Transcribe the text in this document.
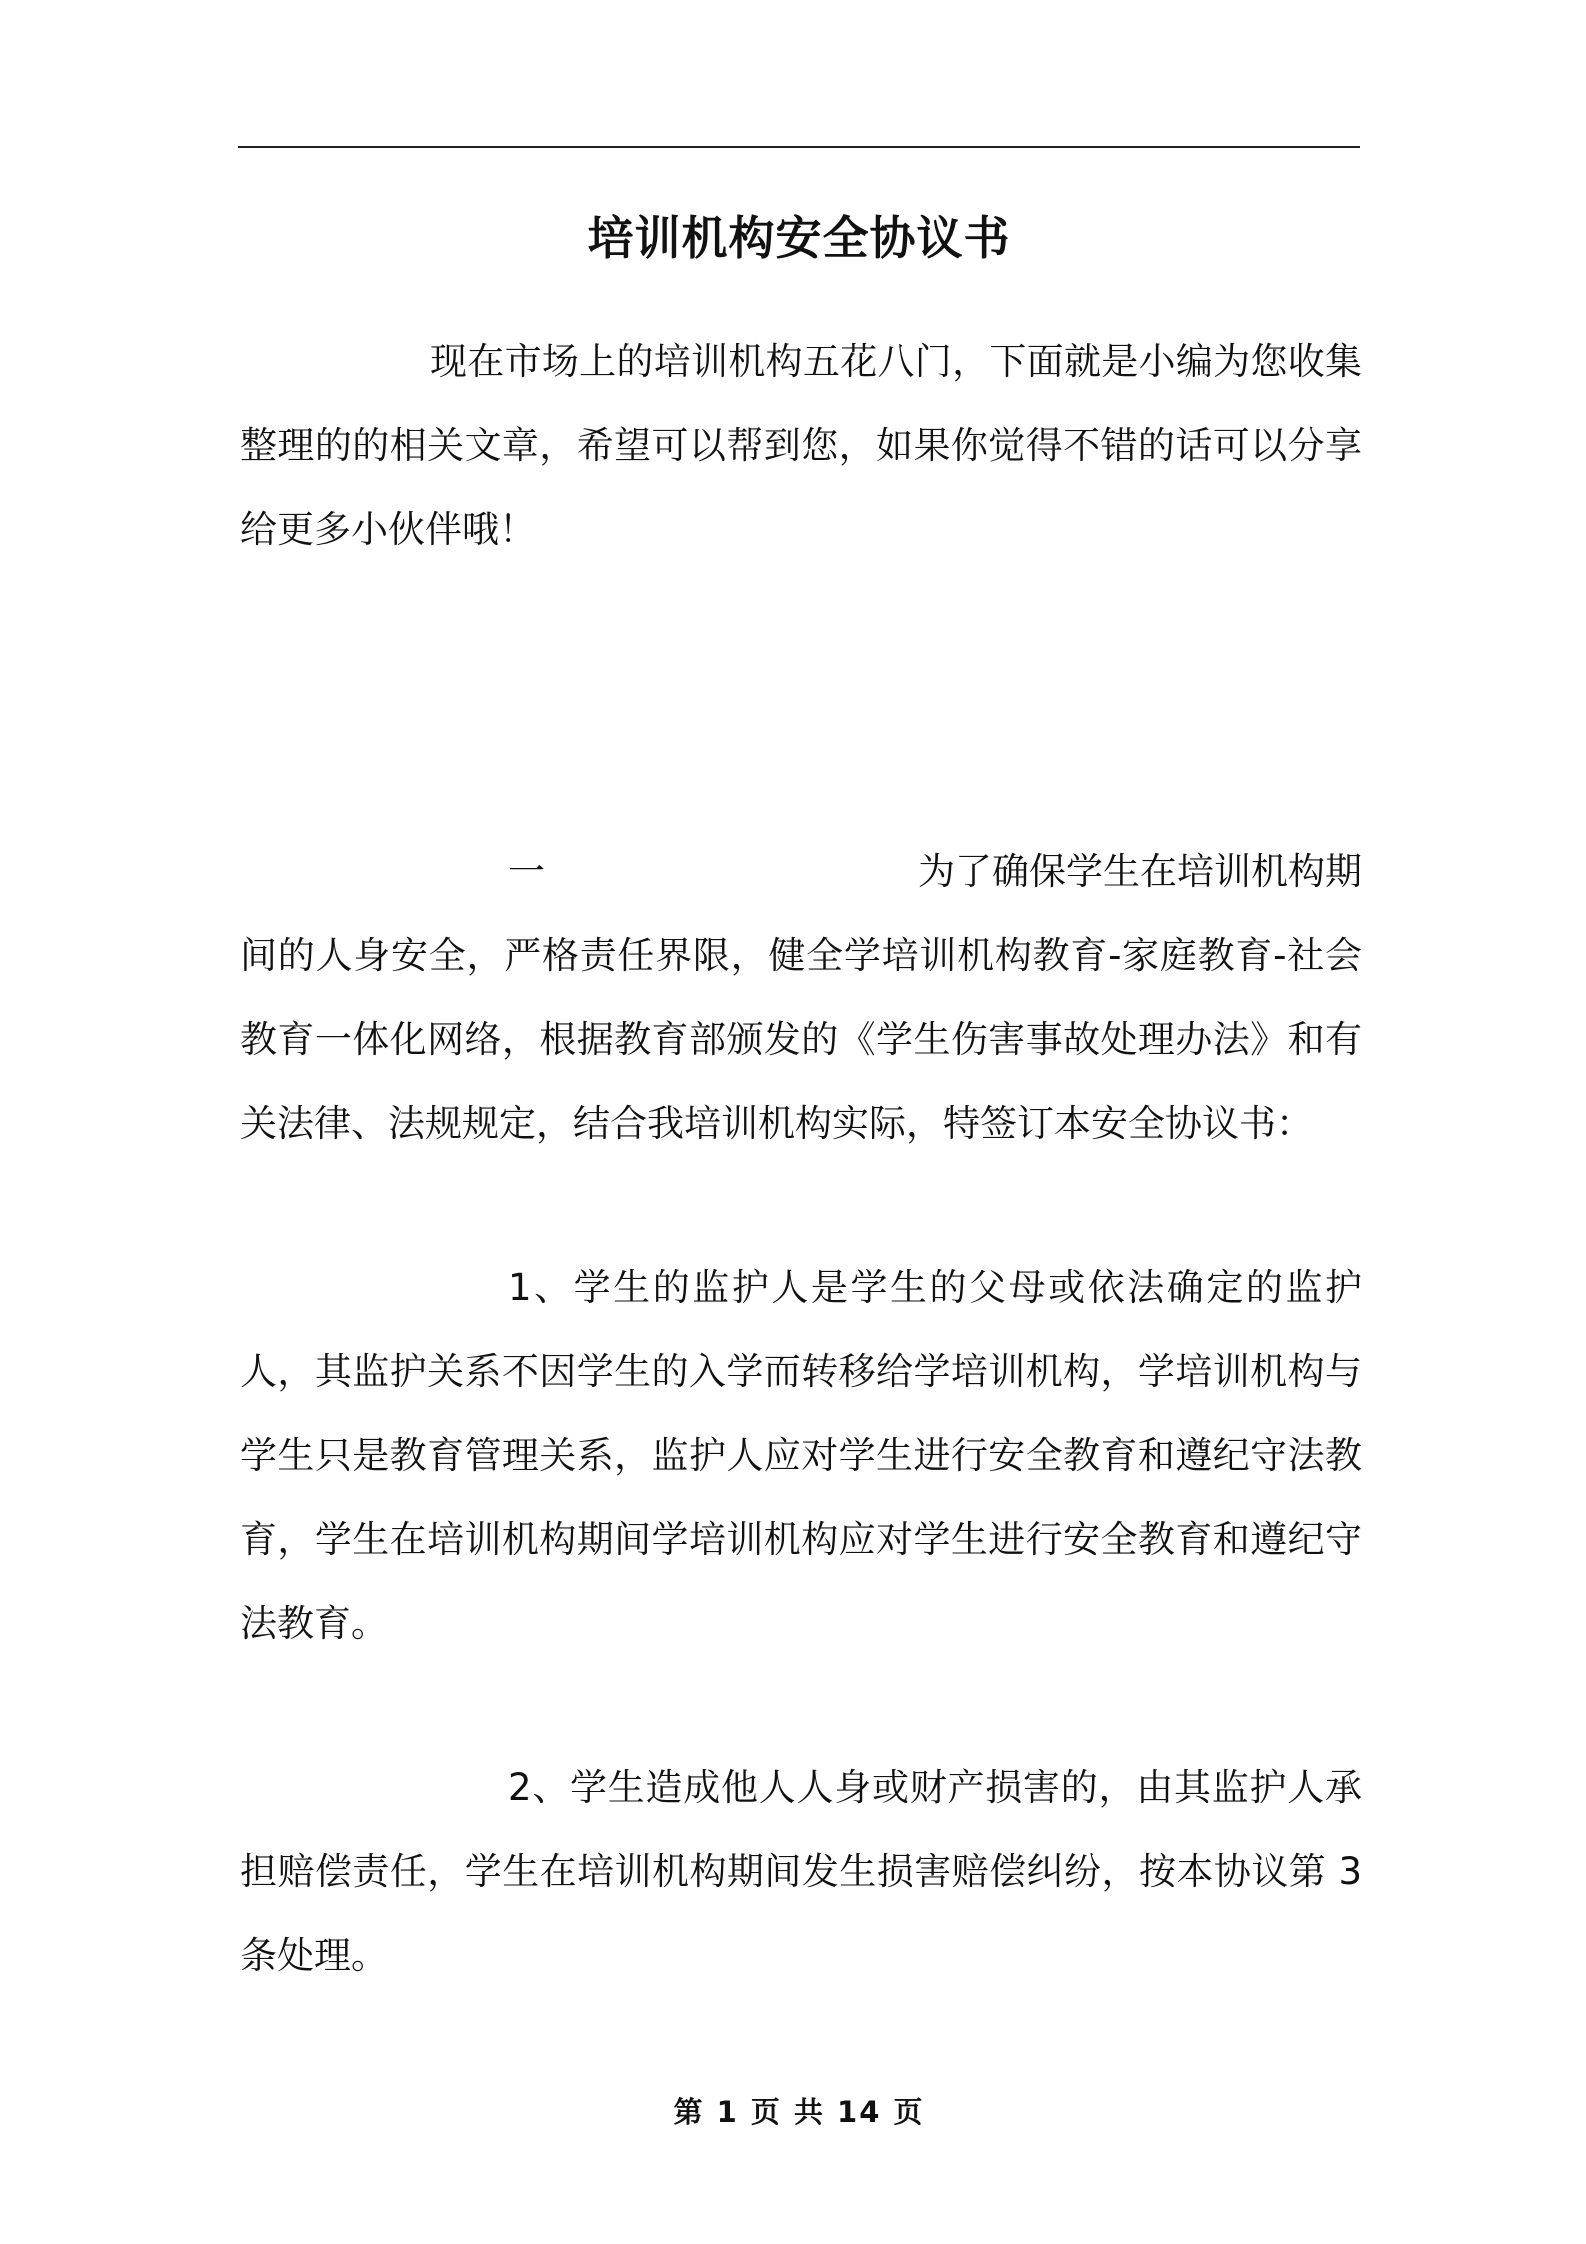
培训机构安全协议书

现在市场上的培训机构五花八门，下面就是小编为您收集整理的的相关文章，希望可以帮到您，如果你觉得不错的话可以分享给更多小伙伴哦！

一	为了确保学生在培训机构期

间的人身安全，严格责任界限，健全学培训机构教育-家庭教育-社会教育一体化网络，根据教育部颁发的《学生伤害事故处理办法》和有关法律、法规规定，结合我培训机构实际，特签订本安全协议书：

1、学生的监护人是学生的父母或依法确定的监护人，其监护关系不因学生的入学而转移给学培训机构，学培训机构与学生只是教育管理关系，监护人应对学生进行安全教育和遵纪守法教育，学生在培训机构期间学培训机构应对学生进行安全教育和遵纪守法教育。

2、学生造成他人人身或财产损害的，由其监护人承担赔偿责任，学生在培训机构期间发生损害赔偿纠纷，按本协议第 3 条处理。

第 1 页 共 14 页
